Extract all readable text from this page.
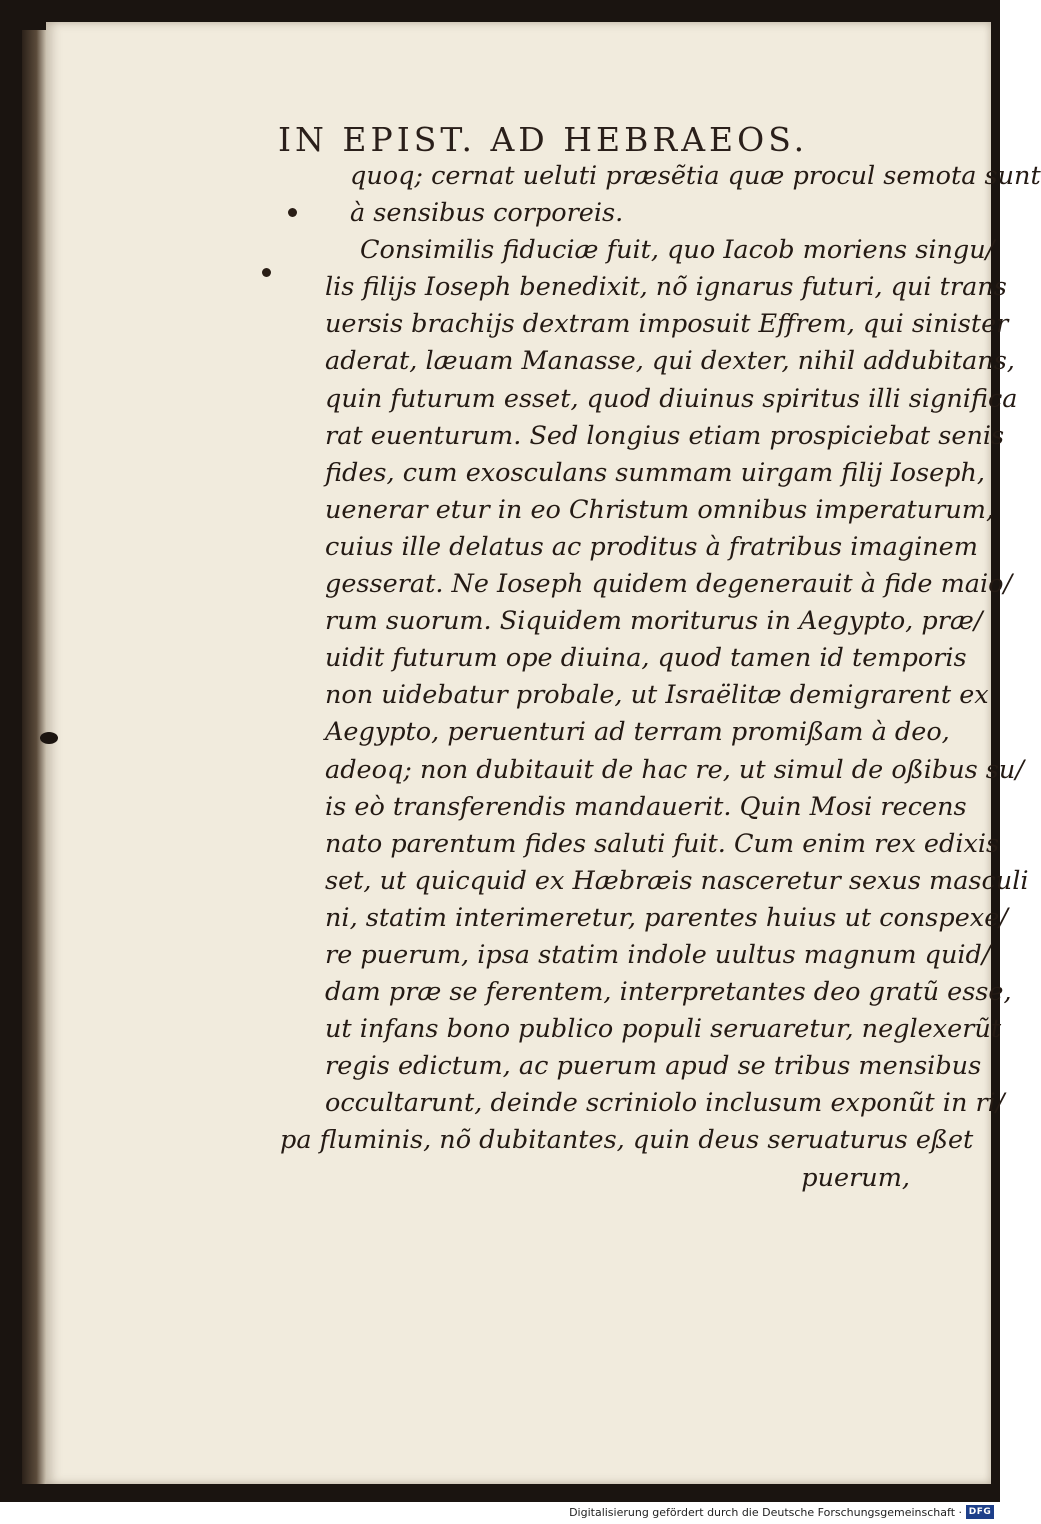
IN EPIST. AD HEBRAEOS.
quoq; cernat ueluti præsẽtia quæ procul semota sunt
à sensibus corporeis.
Consimilis fiduciæ fuit, quo Iacob moriens singu/
lis filijs Ioseph benedixit, nõ ignarus futuri, qui trans
uersis brachijs dextram imposuit Effrem, qui sinister
aderat, læuam Manasse, qui dexter, nihil addubitans,
quin futurum esset, quod diuinus spiritus illi significa
rat euenturum. Sed longius etiam prospiciebat senis
fides, cum exosculans summam uirgam filij Ioseph,
uenerar etur in eo Christum omnibus imperaturum,
cuius ille delatus ac proditus à fratribus imaginem
gesserat. Ne Ioseph quidem degenerauit à fide maio/
rum suorum. Siquidem moriturus in Aegypto, præ/
uidit futurum ope diuina, quod tamen id temporis
non uidebatur probale, ut Israëlitæ demigrarent ex
Aegypto, peruenturi ad terram promißam à deo,
adeoq; non dubitauit de hac re, ut simul de oßibus su/
is eò transferendis mandauerit. Quin Mosi recens
nato parentum fides saluti fuit. Cum enim rex edixis
set, ut quicquid ex Hæbræis nasceretur sexus masculi
ni, statim interimeretur, parentes huius ut conspexe/
re puerum, ipsa statim indole uultus magnum quid/
dam præ se ferentem, interpretantes deo gratũ esse,
ut infans bono publico populi seruaretur, neglexerũt
regis edictum, ac puerum apud se tribus mensibus
occultarunt, deinde scriniolo inclusum exponũt in ri/
pa fluminis, nõ dubitantes, quin deus seruaturus eßet
puerum,
Digitalisierung gefördert durch die Deutsche Forschungsgemeinschaft · DFG
